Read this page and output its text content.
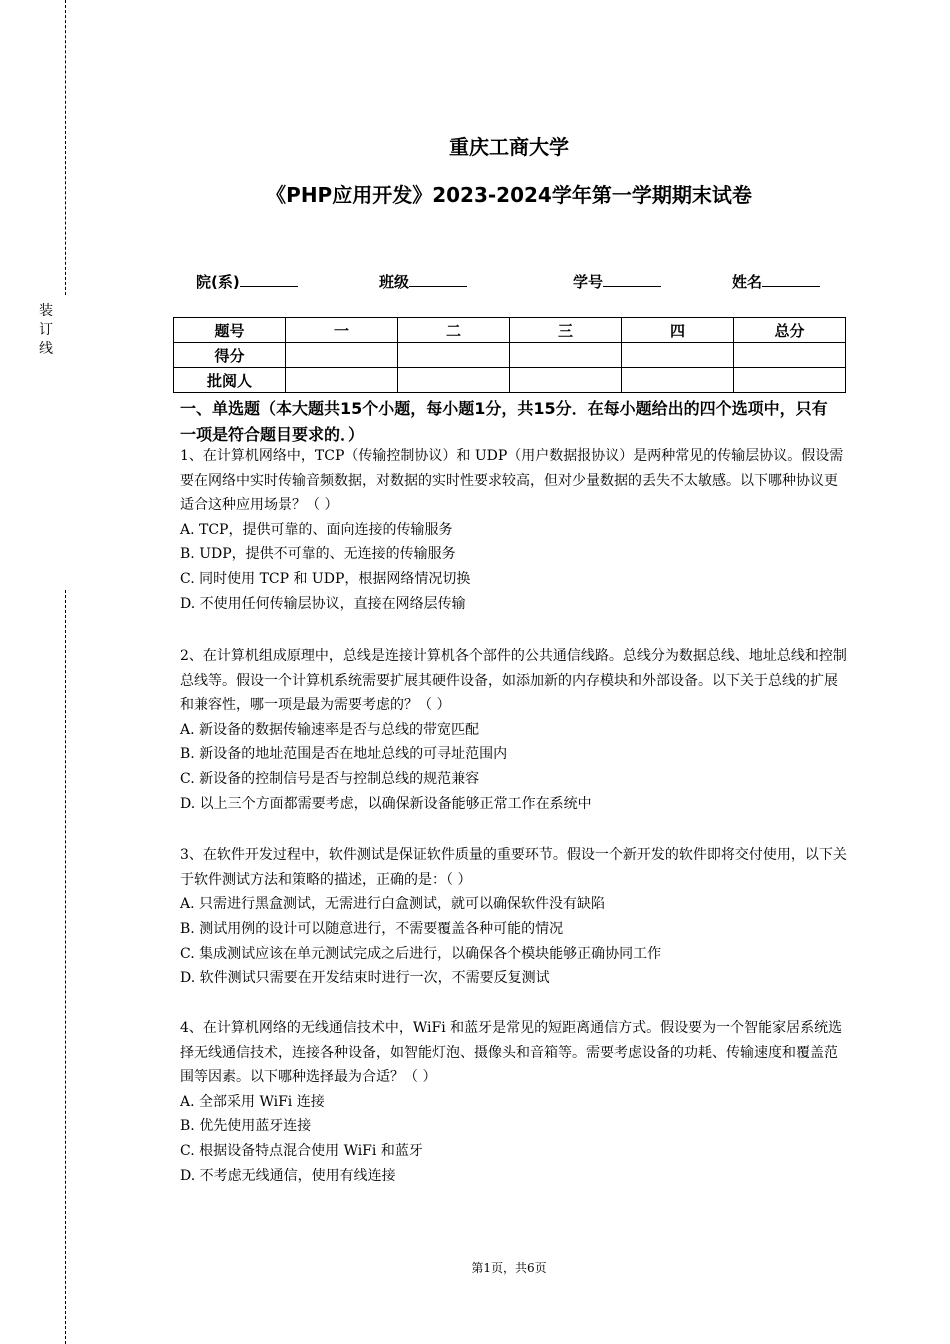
装
订
线
重庆工商大学
《PHP应用开发》2023-2024学年第一学期期末试卷
院(系)	班级	学号	姓名
题号	一	二	三	四	总分
得分					
批阅人					
一、单选题（本大题共15个小题，每小题1分，共15分．在每小题给出的四个选项中，只有一项是符合题目要求的．）
1、在计算机网络中，TCP（传输控制协议）和 UDP（用户数据报协议）是两种常见的传输层协议。假设需要在网络中实时传输音频数据，对数据的实时性要求较高，但对少量数据的丢失不太敏感。以下哪种协议更适合这种应用场景？（ ）
A. TCP，提供可靠的、面向连接的传输服务
B. UDP，提供不可靠的、无连接的传输服务
C. 同时使用 TCP 和 UDP，根据网络情况切换
D. 不使用任何传输层协议，直接在网络层传输
2、在计算机组成原理中，总线是连接计算机各个部件的公共通信线路。总线分为数据总线、地址总线和控制总线等。假设一个计算机系统需要扩展其硬件设备，如添加新的内存模块和外部设备。以下关于总线的扩展和兼容性，哪一项是最为需要考虑的？（ ）
A. 新设备的数据传输速率是否与总线的带宽匹配
B. 新设备的地址范围是否在地址总线的可寻址范围内
C. 新设备的控制信号是否与控制总线的规范兼容
D. 以上三个方面都需要考虑，以确保新设备能够正常工作在系统中
3、在软件开发过程中，软件测试是保证软件质量的重要环节。假设一个新开发的软件即将交付使用，以下关于软件测试方法和策略的描述，正确的是：（ ）
A. 只需进行黑盒测试，无需进行白盒测试，就可以确保软件没有缺陷
B. 测试用例的设计可以随意进行，不需要覆盖各种可能的情况
C. 集成测试应该在单元测试完成之后进行，以确保各个模块能够正确协同工作
D. 软件测试只需要在开发结束时进行一次，不需要反复测试
4、在计算机网络的无线通信技术中，WiFi 和蓝牙是常见的短距离通信方式。假设要为一个智能家居系统选择无线通信技术，连接各种设备，如智能灯泡、摄像头和音箱等。需要考虑设备的功耗、传输速度和覆盖范围等因素。以下哪种选择最为合适？（ ）
A. 全部采用 WiFi 连接
B. 优先使用蓝牙连接
C. 根据设备特点混合使用 WiFi 和蓝牙
D. 不考虑无线通信，使用有线连接
第1页，共6页
